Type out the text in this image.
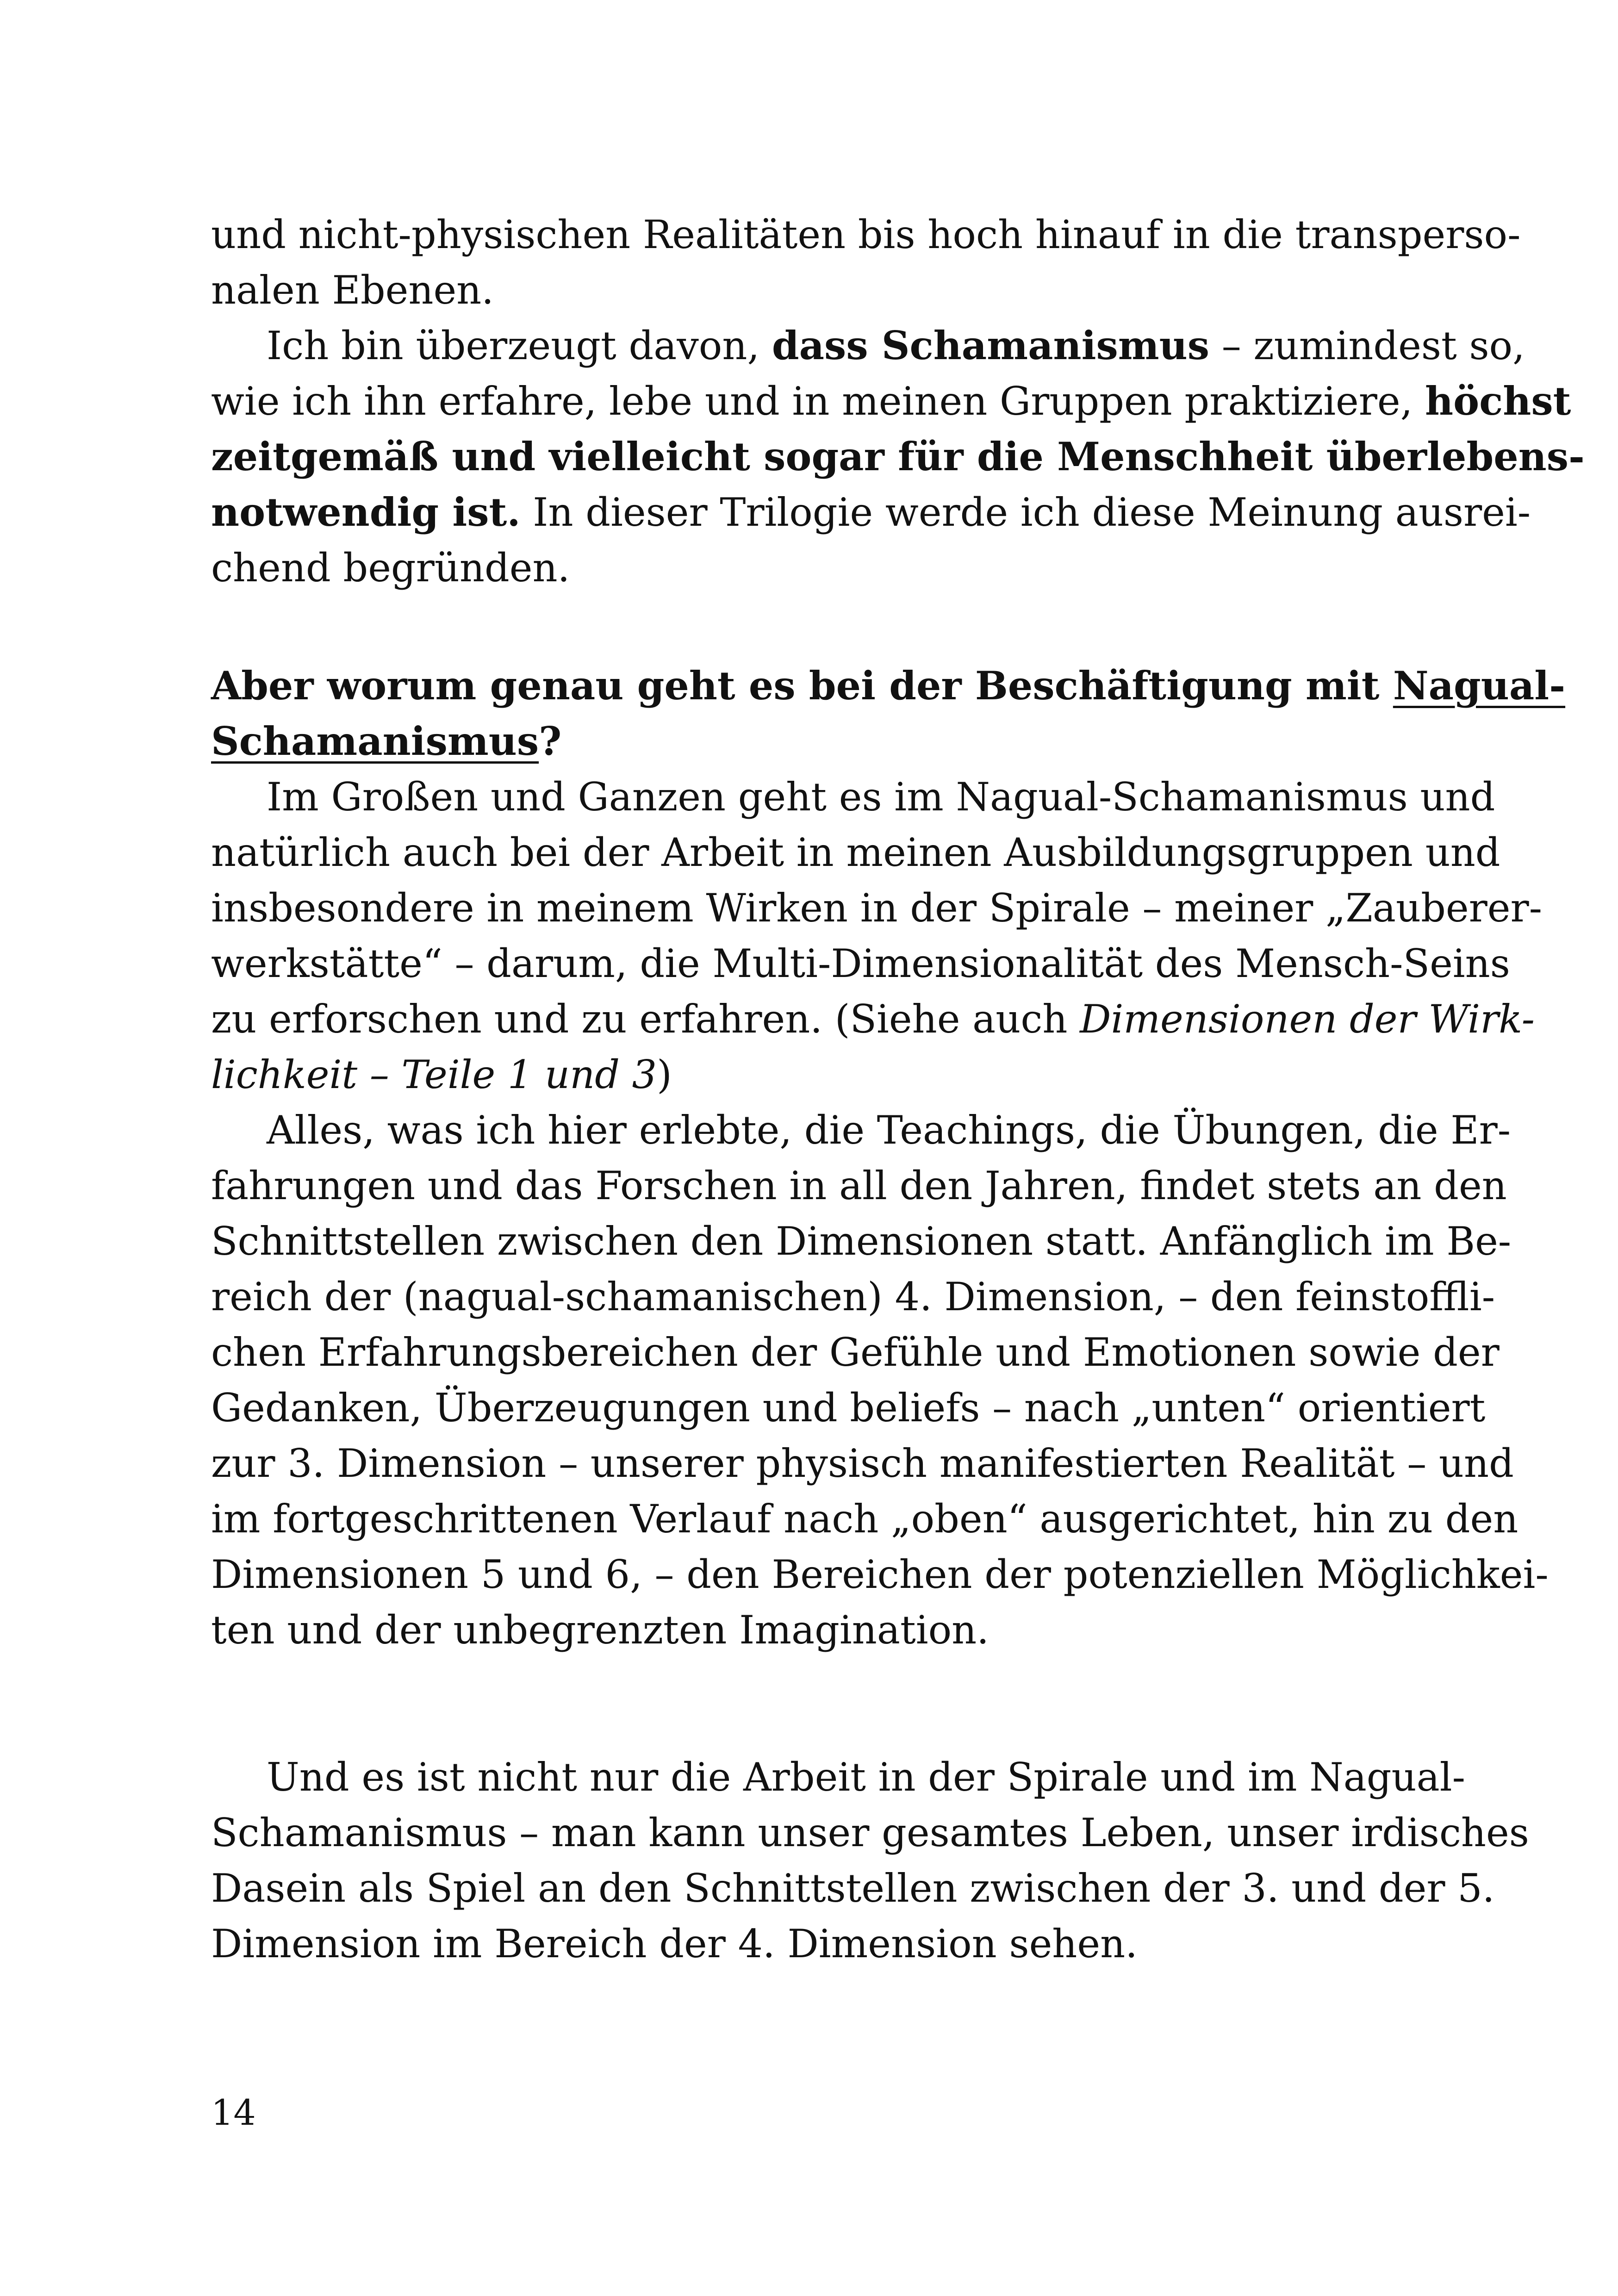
und nicht-physischen Realitäten bis hoch hinauf in die transperso-
nalen Ebenen.
Ich bin überzeugt davon, dass Schamanismus – zumindest so,
wie ich ihn erfahre, lebe und in meinen Gruppen praktiziere, höchst
zeitgemäß und vielleicht sogar für die Menschheit überlebens-
notwendig ist. In dieser Trilogie werde ich diese Meinung ausrei-
chend begründen.
Aber worum genau geht es bei der Beschäftigung mit Nagual-
Schamanismus?
Im Großen und Ganzen geht es im Nagual-Schamanismus und
natürlich auch bei der Arbeit in meinen Ausbildungsgruppen und
insbesondere in meinem Wirken in der Spirale – meiner „Zauberer-
werkstätte“ – darum, die Multi-Dimensionalität des Mensch-Seins
zu erforschen und zu erfahren. (Siehe auch Dimensionen der Wirk-
lichkeit – Teile 1 und 3)
Alles, was ich hier erlebte, die Teachings, die Übungen, die Er-
fahrungen und das Forschen in all den Jahren, findet stets an den
Schnittstellen zwischen den Dimensionen statt. Anfänglich im Be-
reich der (nagual-schamanischen) 4. Dimension, – den feinstoffli-
chen Erfahrungsbereichen der Gefühle und Emotionen sowie der
Gedanken, Überzeugungen und beliefs – nach „unten“ orientiert
zur 3. Dimension – unserer physisch manifestierten Realität – und
im fortgeschrittenen Verlauf nach „oben“ ausgerichtet, hin zu den
Dimensionen 5 und 6, – den Bereichen der potenziellen Möglichkei-
ten und der unbegrenzten Imagination.
Und es ist nicht nur die Arbeit in der Spirale und im Nagual-
Schamanismus – man kann unser gesamtes Leben, unser irdisches
Dasein als Spiel an den Schnittstellen zwischen der 3. und der 5.
Dimension im Bereich der 4. Dimension sehen.
14
